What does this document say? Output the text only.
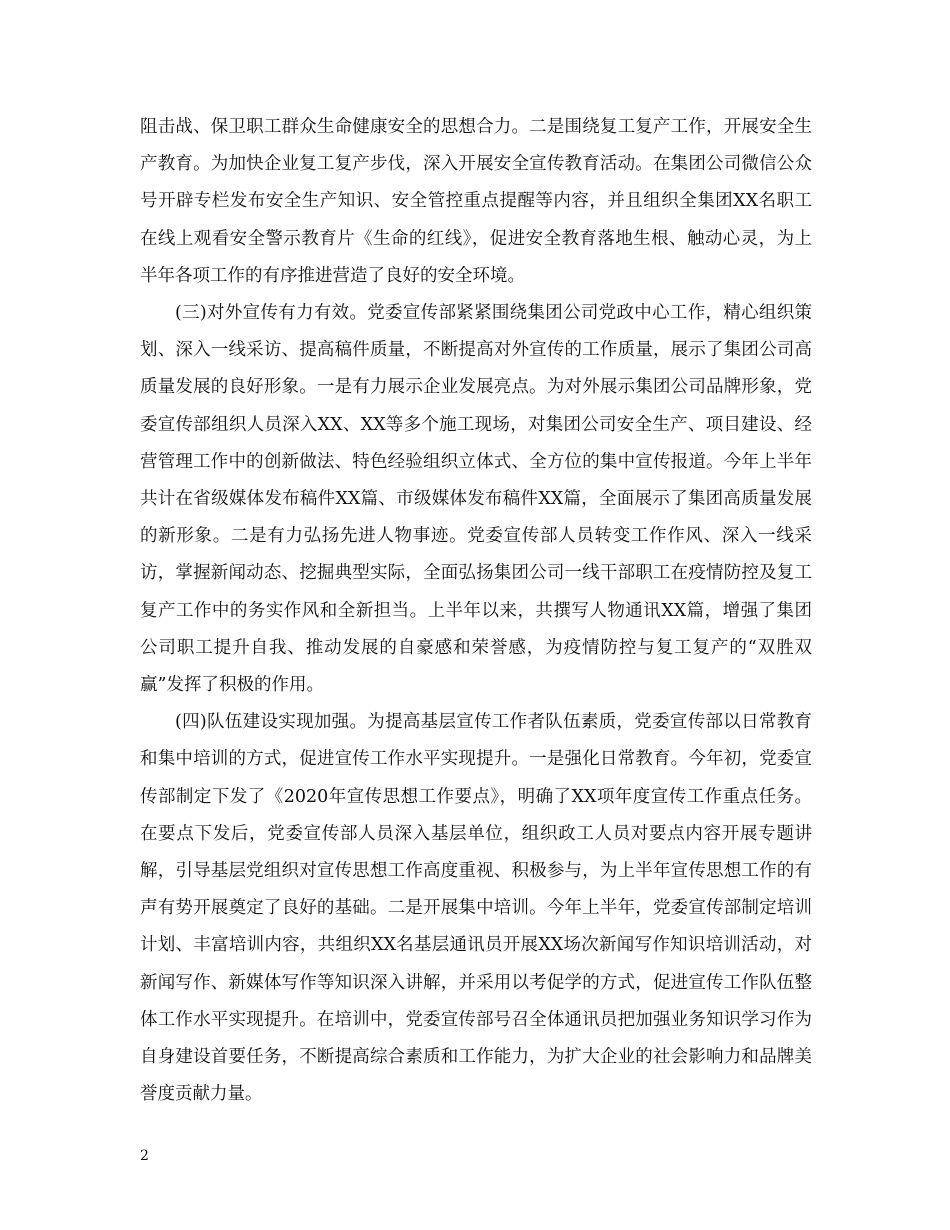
阻击战、保卫职工群众生命健康安全的思想合力。二是围绕复工复产工作，开展安全生产教育。为加快企业复工复产步伐，深入开展安全宣传教育活动。在集团公司微信公众号开辟专栏发布安全生产知识、安全管控重点提醒等内容，并且组织全集团XX名职工在线上观看安全警示教育片《生命的红线》，促进安全教育落地生根、触动心灵，为上半年各项工作的有序推进营造了良好的安全环境。

(三)对外宣传有力有效。党委宣传部紧紧围绕集团公司党政中心工作，精心组织策划、深入一线采访、提高稿件质量，不断提高对外宣传的工作质量，展示了集团公司高质量发展的良好形象。一是有力展示企业发展亮点。为对外展示集团公司品牌形象，党委宣传部组织人员深入XX、XX等多个施工现场，对集团公司安全生产、项目建设、经营管理工作中的创新做法、特色经验组织立体式、全方位的集中宣传报道。今年上半年共计在省级媒体发布稿件XX篇、市级媒体发布稿件XX篇，全面展示了集团高质量发展的新形象。二是有力弘扬先进人物事迹。党委宣传部人员转变工作作风、深入一线采访，掌握新闻动态、挖掘典型实际，全面弘扬集团公司一线干部职工在疫情防控及复工复产工作中的务实作风和全新担当。上半年以来，共撰写人物通讯XX篇，增强了集团公司职工提升自我、推动发展的自豪感和荣誉感，为疫情防控与复工复产的“双胜双赢”发挥了积极的作用。

(四)队伍建设实现加强。为提高基层宣传工作者队伍素质，党委宣传部以日常教育和集中培训的方式，促进宣传工作水平实现提升。一是强化日常教育。今年初，党委宣传部制定下发了《2020年宣传思想工作要点》，明确了XX项年度宣传工作重点任务。在要点下发后，党委宣传部人员深入基层单位，组织政工人员对要点内容开展专题讲解，引导基层党组织对宣传思想工作高度重视、积极参与，为上半年宣传思想工作的有声有势开展奠定了良好的基础。二是开展集中培训。今年上半年，党委宣传部制定培训计划、丰富培训内容，共组织XX名基层通讯员开展XX场次新闻写作知识培训活动，对新闻写作、新媒体写作等知识深入讲解，并采用以考促学的方式，促进宣传工作队伍整体工作水平实现提升。在培训中，党委宣传部号召全体通讯员把加强业务知识学习作为自身建设首要任务，不断提高综合素质和工作能力，为扩大企业的社会影响力和品牌美誉度贡献力量。

2
